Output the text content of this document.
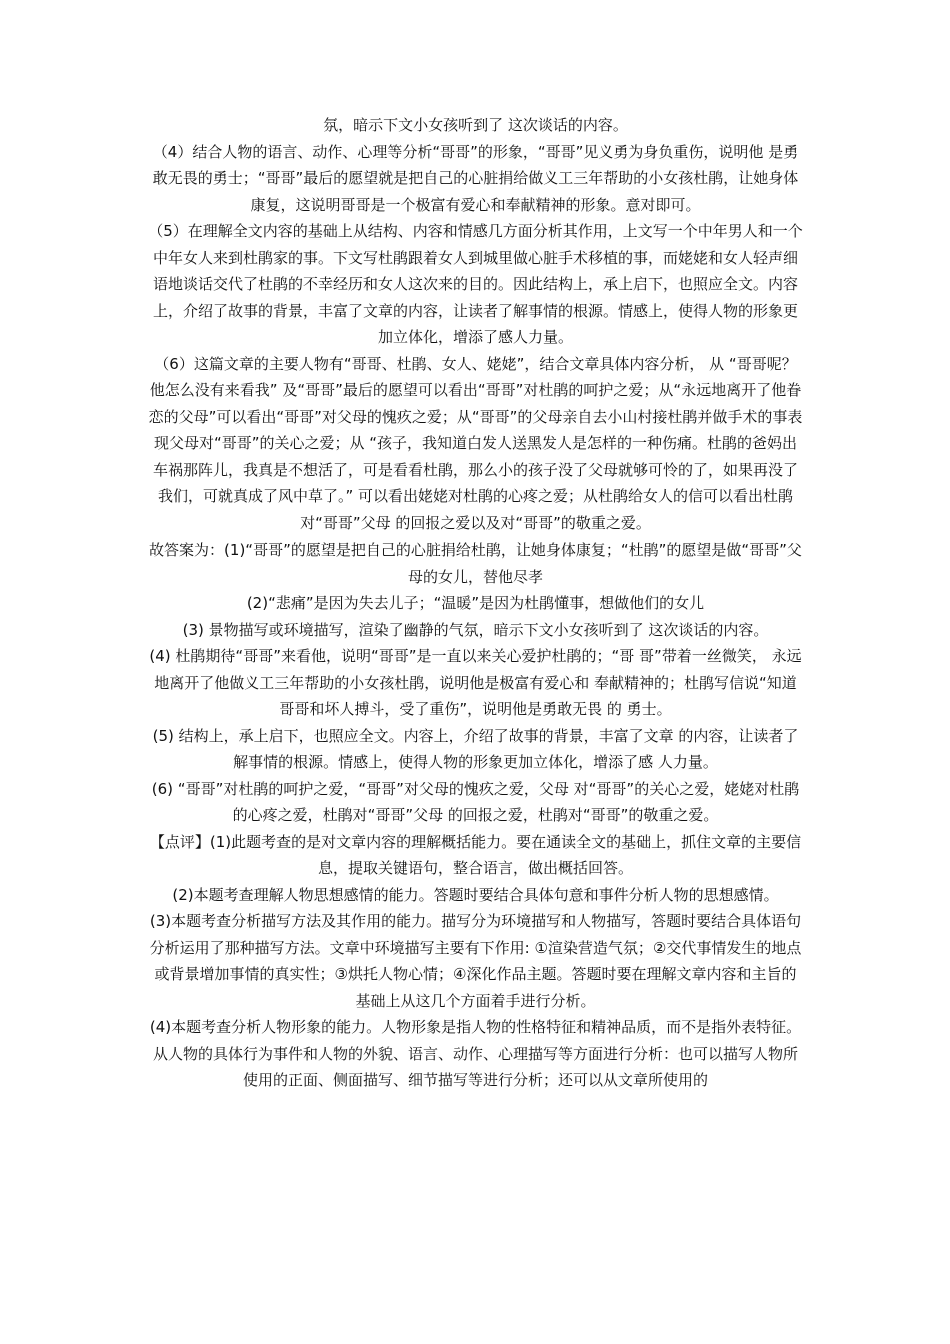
氛，暗示下文小女孩听到了 这次谈话的内容。

（4）结合人物的语言、动作、心理等分析“哥哥”的形象，“哥哥”见义勇为身负重伤，说明他 是勇敢无畏的勇士；“哥哥”最后的愿望就是把自己的心脏捐给做义工三年帮助的小女孩杜鹃，让她身体康复，这说明哥哥是一个极富有爱心和奉献精神的形象。意对即可。

（5）在理解全文内容的基础上从结构、内容和情感几方面分析其作用，上文写一个中年男人和一个中年女人来到杜鹃家的事。下文写杜鹃跟着女人到城里做心脏手术移植的事，而姥姥和女人轻声细语地谈话交代了杜鹃的不幸经历和女人这次来的目的。因此结构上，承上启下，也照应全文。内容上，介绍了故事的背景，丰富了文章的内容，让读者了解事情的根源。情感上，使得人物的形象更加立体化，增添了感人力量。

（6）这篇文章的主要人物有“哥哥、杜鹃、女人、姥姥”，结合文章具体内容分析， 从 “哥哥呢？他怎么没有来看我” 及“哥哥”最后的愿望可以看出“哥哥”对杜鹃的呵护之爱；从“永远地离开了他眷恋的父母”可以看出“哥哥”对父母的愧疚之爱；从“哥哥”的父母亲自去小山村接杜鹃并做手术的事表现父母对“哥哥”的关心之爱；从 “孩子，我知道白发人送黑发人是怎样的一种伤痛。杜鹃的爸妈出车祸那阵儿，我真是不想活了，可是看看杜鹃，那么小的孩子没了父母就够可怜的了，如果再没了我们，可就真成了风中草了。” 可以看出姥姥对杜鹃的心疼之爱；从杜鹃给女人的信可以看出杜鹃对“哥哥”父母 的回报之爱以及对“哥哥”的敬重之爱。

故答案为：(1)“哥哥”的愿望是把自己的心脏捐给杜鹃，让她身体康复；“杜鹃”的愿望是做“哥哥”父母的女儿，替他尽孝

(2)“悲痛”是因为失去儿子；“温暖”是因为杜鹃懂事，想做他们的女儿

(3) 景物描写或环境描写，渲染了幽静的气氛，暗示下文小女孩听到了 这次谈话的内容。

(4) 杜鹃期待“哥哥”来看他，说明“哥哥”是一直以来关心爱护杜鹃的；“哥 哥”带着一丝微笑， 永远地离开了他做义工三年帮助的小女孩杜鹃，说明他是极富有爱心和 奉献精神的；杜鹃写信说“知道哥哥和坏人搏斗，受了重伤”，说明他是勇敢无畏 的 勇士。

(5) 结构上，承上启下，也照应全文。内容上，介绍了故事的背景，丰富了文章 的内容，让读者了解事情的根源。情感上，使得人物的形象更加立体化，增添了感 人力量。

(6) “哥哥”对杜鹃的呵护之爱，“哥哥”对父母的愧疚之爱，父母 对“哥哥”的关心之爱，姥姥对杜鹃的心疼之爱，杜鹃对“哥哥”父母 的回报之爱，杜鹃对“哥哥”的敬重之爱。

【点评】(1)此题考查的是对文章内容的理解概括能力。要在通读全文的基础上，抓住文章的主要信息，提取关键语句，整合语言，做出概括回答。

(2)本题考查理解人物思想感情的能力。答题时要结合具体句意和事件分析人物的思想感情。

(3)本题考查分析描写方法及其作用的能力。描写分为环境描写和人物描写，答题时要结合具体语句分析运用了那种描写方法。文章中环境描写主要有下作用: ①渲染营造气氛；②交代事情发生的地点或背景增加事情的真实性；③烘托人物心情；④深化作品主题。答题时要在理解文章内容和主旨的基础上从这几个方面着手进行分析。

(4)本题考查分析人物形象的能力。人物形象是指人物的性格特征和精神品质，而不是指外表特征。从人物的具体行为事件和人物的外貌、语言、动作、心理描写等方面进行分析：也可以描写人物所使用的正面、侧面描写、细节描写等进行分析；还可以从文章所使用的
